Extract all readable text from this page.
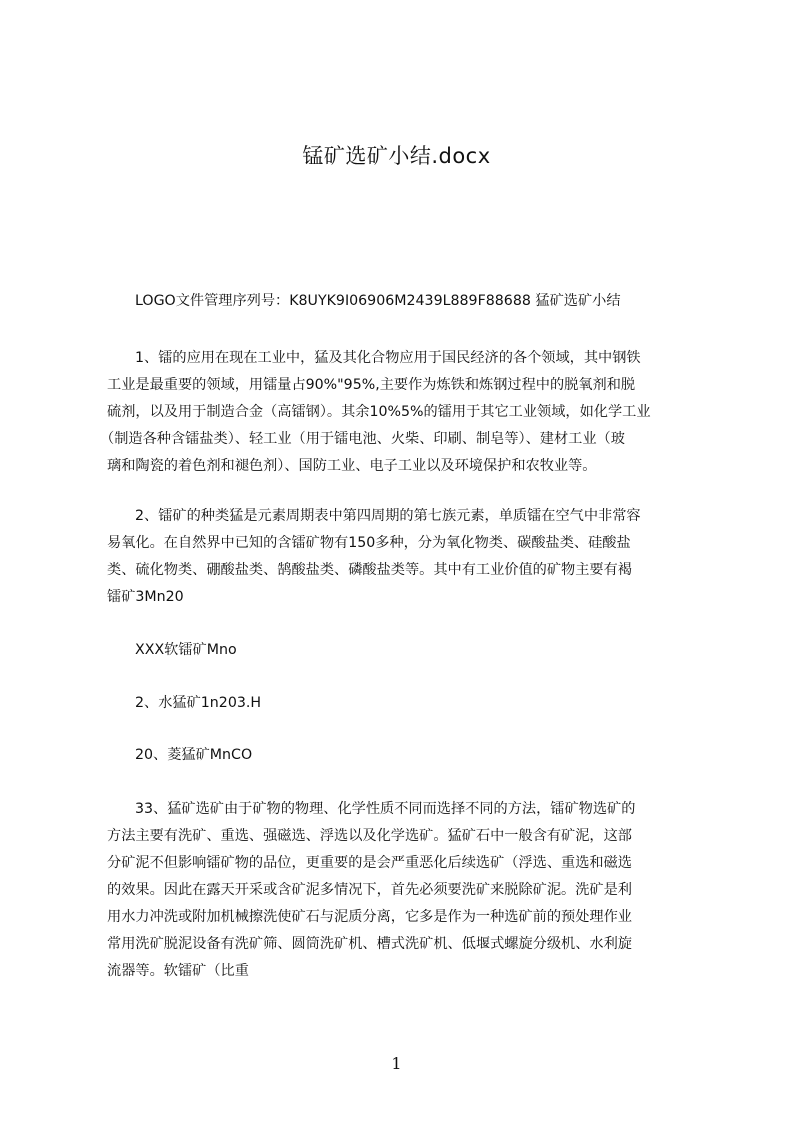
锰矿选矿小结.docx
LOGO文件管理序列号：K8UYK9I06906M2439L889F88688 猛矿选矿小结
1、镭的应用在现在工业中，猛及其化合物应用于国民经济的各个领域，其中钢铁
工业是最重要的领域，用镭量占90%"95%,主要作为炼铁和炼钢过程中的脱氧剂和脱
硫剂，以及用于制造合金（高镭钢）。其余10%5%的镭用于其它工业领域，如化学工业
（制造各种含镭盐类）、轻工业（用于镭电池、火柴、印刷、制皂等）、建材工业（玻
璃和陶瓷的着色剂和褪色剂）、国防工业、电子工业以及环境保护和农牧业等。
2、镭矿的种类猛是元素周期表中第四周期的第七族元素，单质镭在空气中非常容
易氧化。在自然界中已知的含镭矿物有150多种，分为氧化物类、碳酸盐类、硅酸盐
类、硫化物类、硼酸盐类、鹄酸盐类、磷酸盐类等。其中有工业价值的矿物主要有褐
镭矿3Mn20
XXX软镭矿Mno
2、水猛矿1n203.H
20、菱猛矿MnCO
33、猛矿选矿由于矿物的物理、化学性质不同而选择不同的方法，镭矿物选矿的
方法主要有洗矿、重选、强磁选、浮选以及化学选矿。猛矿石中一般含有矿泥，这部
分矿泥不但影响镭矿物的品位，更重要的是会严重恶化后续选矿（浮选、重选和磁选
的效果。因此在露天开采或含矿泥多情况下，首先必须要洗矿来脱除矿泥。洗矿是利
用水力冲洗或附加机械擦洗使矿石与泥质分离，它多是作为一种选矿前的预处理作业
常用洗矿脱泥设备有洗矿筛、圆筒洗矿机、槽式洗矿机、低堰式螺旋分级机、水利旋
流器等。软镭矿（比重
1
